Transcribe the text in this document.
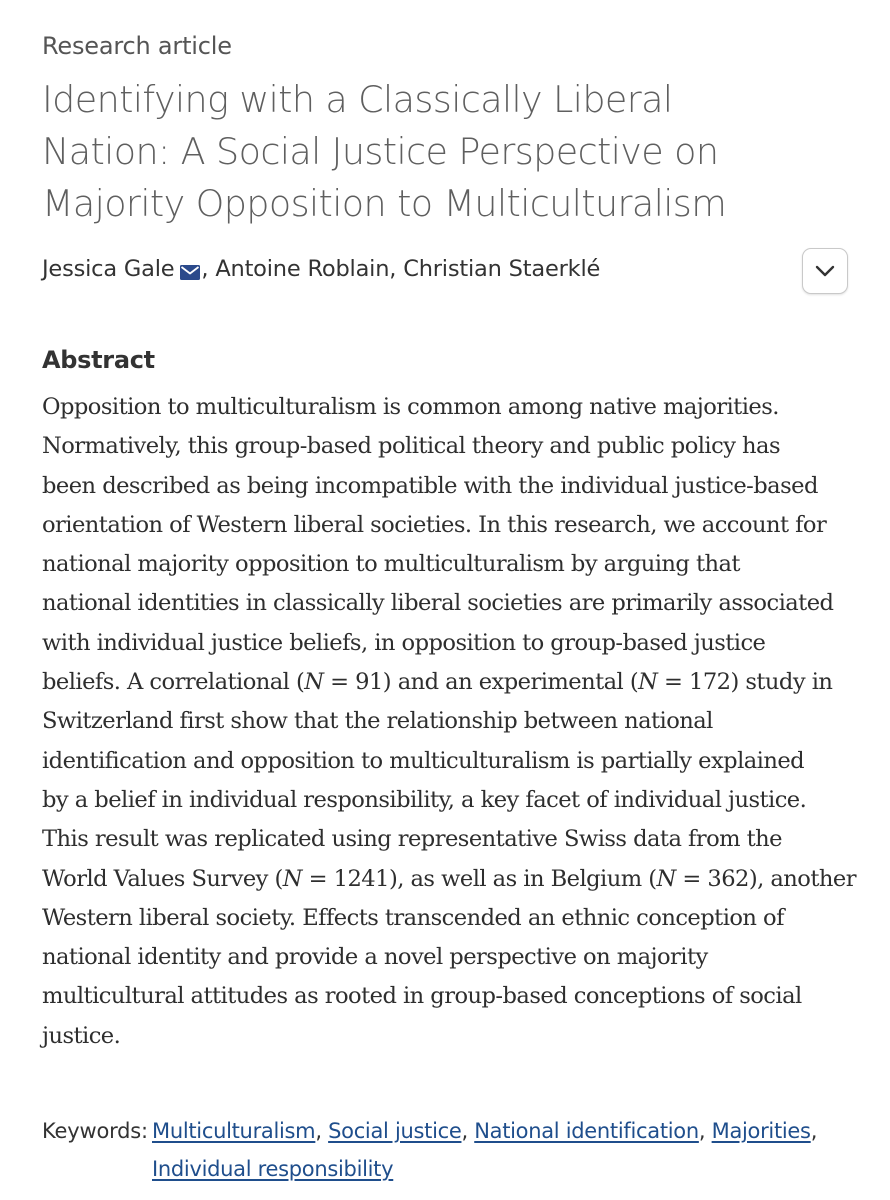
Research article
Identifying with a Classically Liberal
Nation: A Social Justice Perspective on
Majority Opposition to Multiculturalism
Jessica Gale , Antoine Roblain, Christian Staerklé
Abstract
Opposition to multiculturalism is common among native majorities.
Normatively, this group-based political theory and public policy has
been described as being incompatible with the individual justice-based
orientation of Western liberal societies. In this research, we account for
national majority opposition to multiculturalism by arguing that
national identities in classically liberal societies are primarily associated
with individual justice beliefs, in opposition to group-based justice
beliefs. A correlational (N = 91) and an experimental (N = 172) study in
Switzerland first show that the relationship between national
identification and opposition to multiculturalism is partially explained
by a belief in individual responsibility, a key facet of individual justice.
This result was replicated using representative Swiss data from the
World Values Survey (N = 1241), as well as in Belgium (N = 362), another
Western liberal society. Effects transcended an ethnic conception of
national identity and provide a novel perspective on majority
multicultural attitudes as rooted in group-based conceptions of social
justice.
Keywords: Multiculturalism, Social justice, National identification, Majorities, Individual responsibility
